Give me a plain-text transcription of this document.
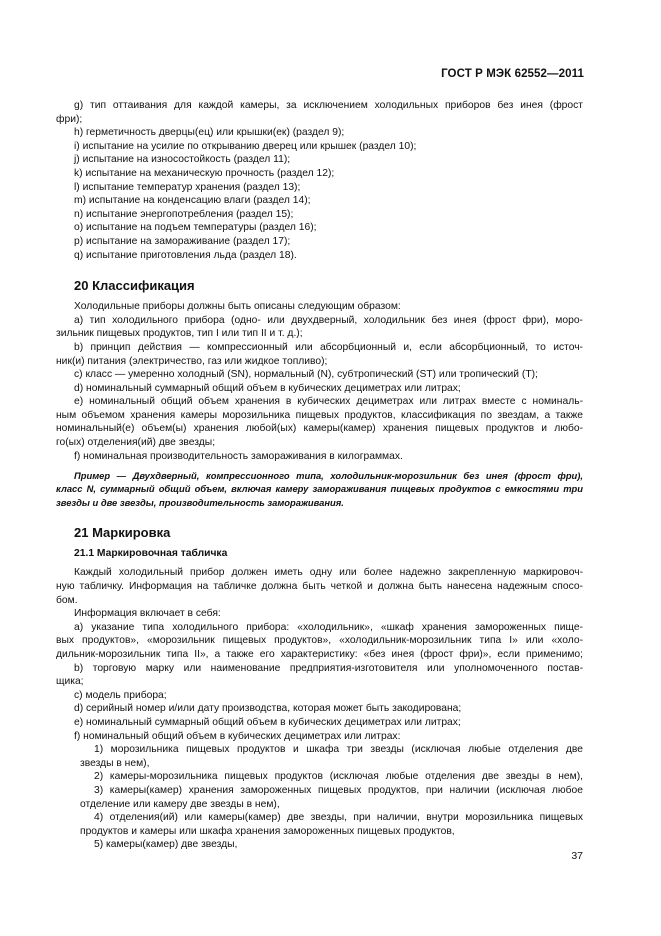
ГОСТ Р МЭК 62552—2011
g) тип оттаивания для каждой камеры, за исключением холодильных приборов без инея (фрост
фри);
h) герметичность дверцы(ец) или крышки(ек) (раздел 9);
i) испытание на усилие по открыванию дверец или крышек (раздел 10);
j) испытание на износостойкость (раздел 11);
k) испытание на механическую прочность (раздел 12);
l) испытание температур хранения (раздел 13);
m) испытание на конденсацию влаги (раздел 14);
n) испытание энергопотребления (раздел 15);
o) испытание на подъем температуры (раздел 16);
p) испытание на замораживание (раздел 17);
q) испытание приготовления льда (раздел 18).
20 Классификация
Холодильные приборы должны быть описаны следующим образом:
a) тип холодильного прибора (одно- или двухдверный, холодильник без инея (фрост фри), моро-
зильник пищевых продуктов, тип I или тип II и т. д.);
b) принцип действия — компрессионный или абсорбционный и, если абсорбционный, то источ-
ник(и) питания (электричество, газ или жидкое топливо);
c) класс — умеренно холодный (SN), нормальный (N), субтропический (ST) или тропический (T);
d) номинальный суммарный общий объем в кубических дециметрах или литрах;
e) номинальный общий объем хранения в кубических дециметрах или литрах вместе с номиналь-
ным объемом хранения камеры морозильника пищевых продуктов, классификация по звездам, а также
номинальный(е) объем(ы) хранения любой(ых) камеры(камер) хранения пищевых продуктов и любо-
го(ых) отделения(ий) две звезды;
f) номинальная производительность замораживания в килограммах.
Пример — Двухдверный, компрессионного типа, холодильник-морозильник без инея (фрост фри),
класс N, суммарный общий объем, включая камеру замораживания пищевых продуктов с емкостями три
звезды и две звезды, производительность замораживания.
21 Маркировка
21.1 Маркировочная табличка
Каждый холодильный прибор должен иметь одну или более надежно закрепленную маркировоч-
ную табличку. Информация на табличке должна быть четкой и должна быть нанесена надежным спосо-
бом.
Информация включает в себя:
a) указание типа холодильного прибора: «холодильник», «шкаф хранения замороженных пище-
вых продуктов», «морозильник пищевых продуктов», «холодильник-морозильник типа I» или «холо-
дильник-морозильник типа II», а также его характеристику: «без инея (фрост фри)», если применимо;
b) торговую марку или наименование предприятия-изготовителя или уполномоченного постав-
щика;
c) модель прибора;
d) серийный номер и/или дату производства, которая может быть закодирована;
e) номинальный суммарный общий объем в кубических дециметрах или литрах;
f) номинальный общий объем в кубических дециметрах или литрах:
1) морозильника пищевых продуктов и шкафа три звезды (исключая любые отделения две
звезды в нем),
2) камеры-морозильника пищевых продуктов (исключая любые отделения две звезды в нем),
3) камеры(камер) хранения замороженных пищевых продуктов, при наличии (исключая любое
отделение или камеру две звезды в нем),
4) отделения(ий) или камеры(камер) две звезды, при наличии, внутри морозильника пищевых
продуктов и камеры или шкафа хранения замороженных пищевых продуктов,
5) камеры(камер) две звезды,
37
